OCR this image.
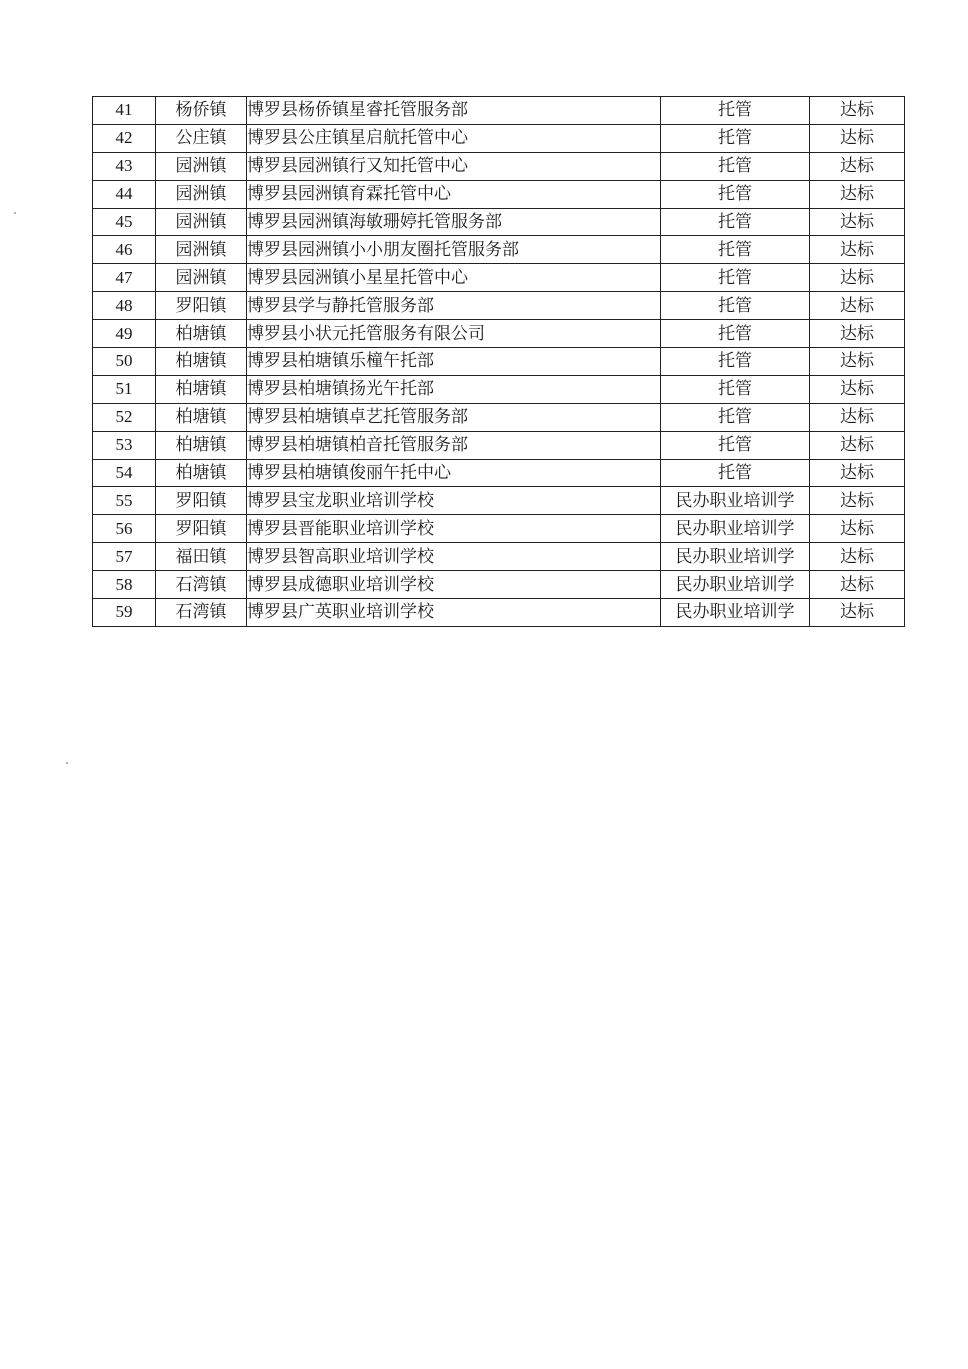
41	杨侨镇	博罗县杨侨镇星睿托管服务部	托管	达标
42	公庄镇	博罗县公庄镇星启航托管中心	托管	达标
43	园洲镇	博罗县园洲镇行又知托管中心	托管	达标
44	园洲镇	博罗县园洲镇育霖托管中心	托管	达标
45	园洲镇	博罗县园洲镇海敏珊婷托管服务部	托管	达标
46	园洲镇	博罗县园洲镇小小朋友圈托管服务部	托管	达标
47	园洲镇	博罗县园洲镇小星星托管中心	托管	达标
48	罗阳镇	博罗县学与静托管服务部	托管	达标
49	柏塘镇	博罗县小状元托管服务有限公司	托管	达标
50	柏塘镇	博罗县柏塘镇乐橦午托部	托管	达标
51	柏塘镇	博罗县柏塘镇扬光午托部	托管	达标
52	柏塘镇	博罗县柏塘镇卓艺托管服务部	托管	达标
53	柏塘镇	博罗县柏塘镇柏音托管服务部	托管	达标
54	柏塘镇	博罗县柏塘镇俊丽午托中心	托管	达标
55	罗阳镇	博罗县宝龙职业培训学校	民办职业培训学	达标
56	罗阳镇	博罗县晋能职业培训学校	民办职业培训学	达标
57	福田镇	博罗县智高职业培训学校	民办职业培训学	达标
58	石湾镇	博罗县成德职业培训学校	民办职业培训学	达标
59	石湾镇	博罗县广英职业培训学校	民办职业培训学	达标
